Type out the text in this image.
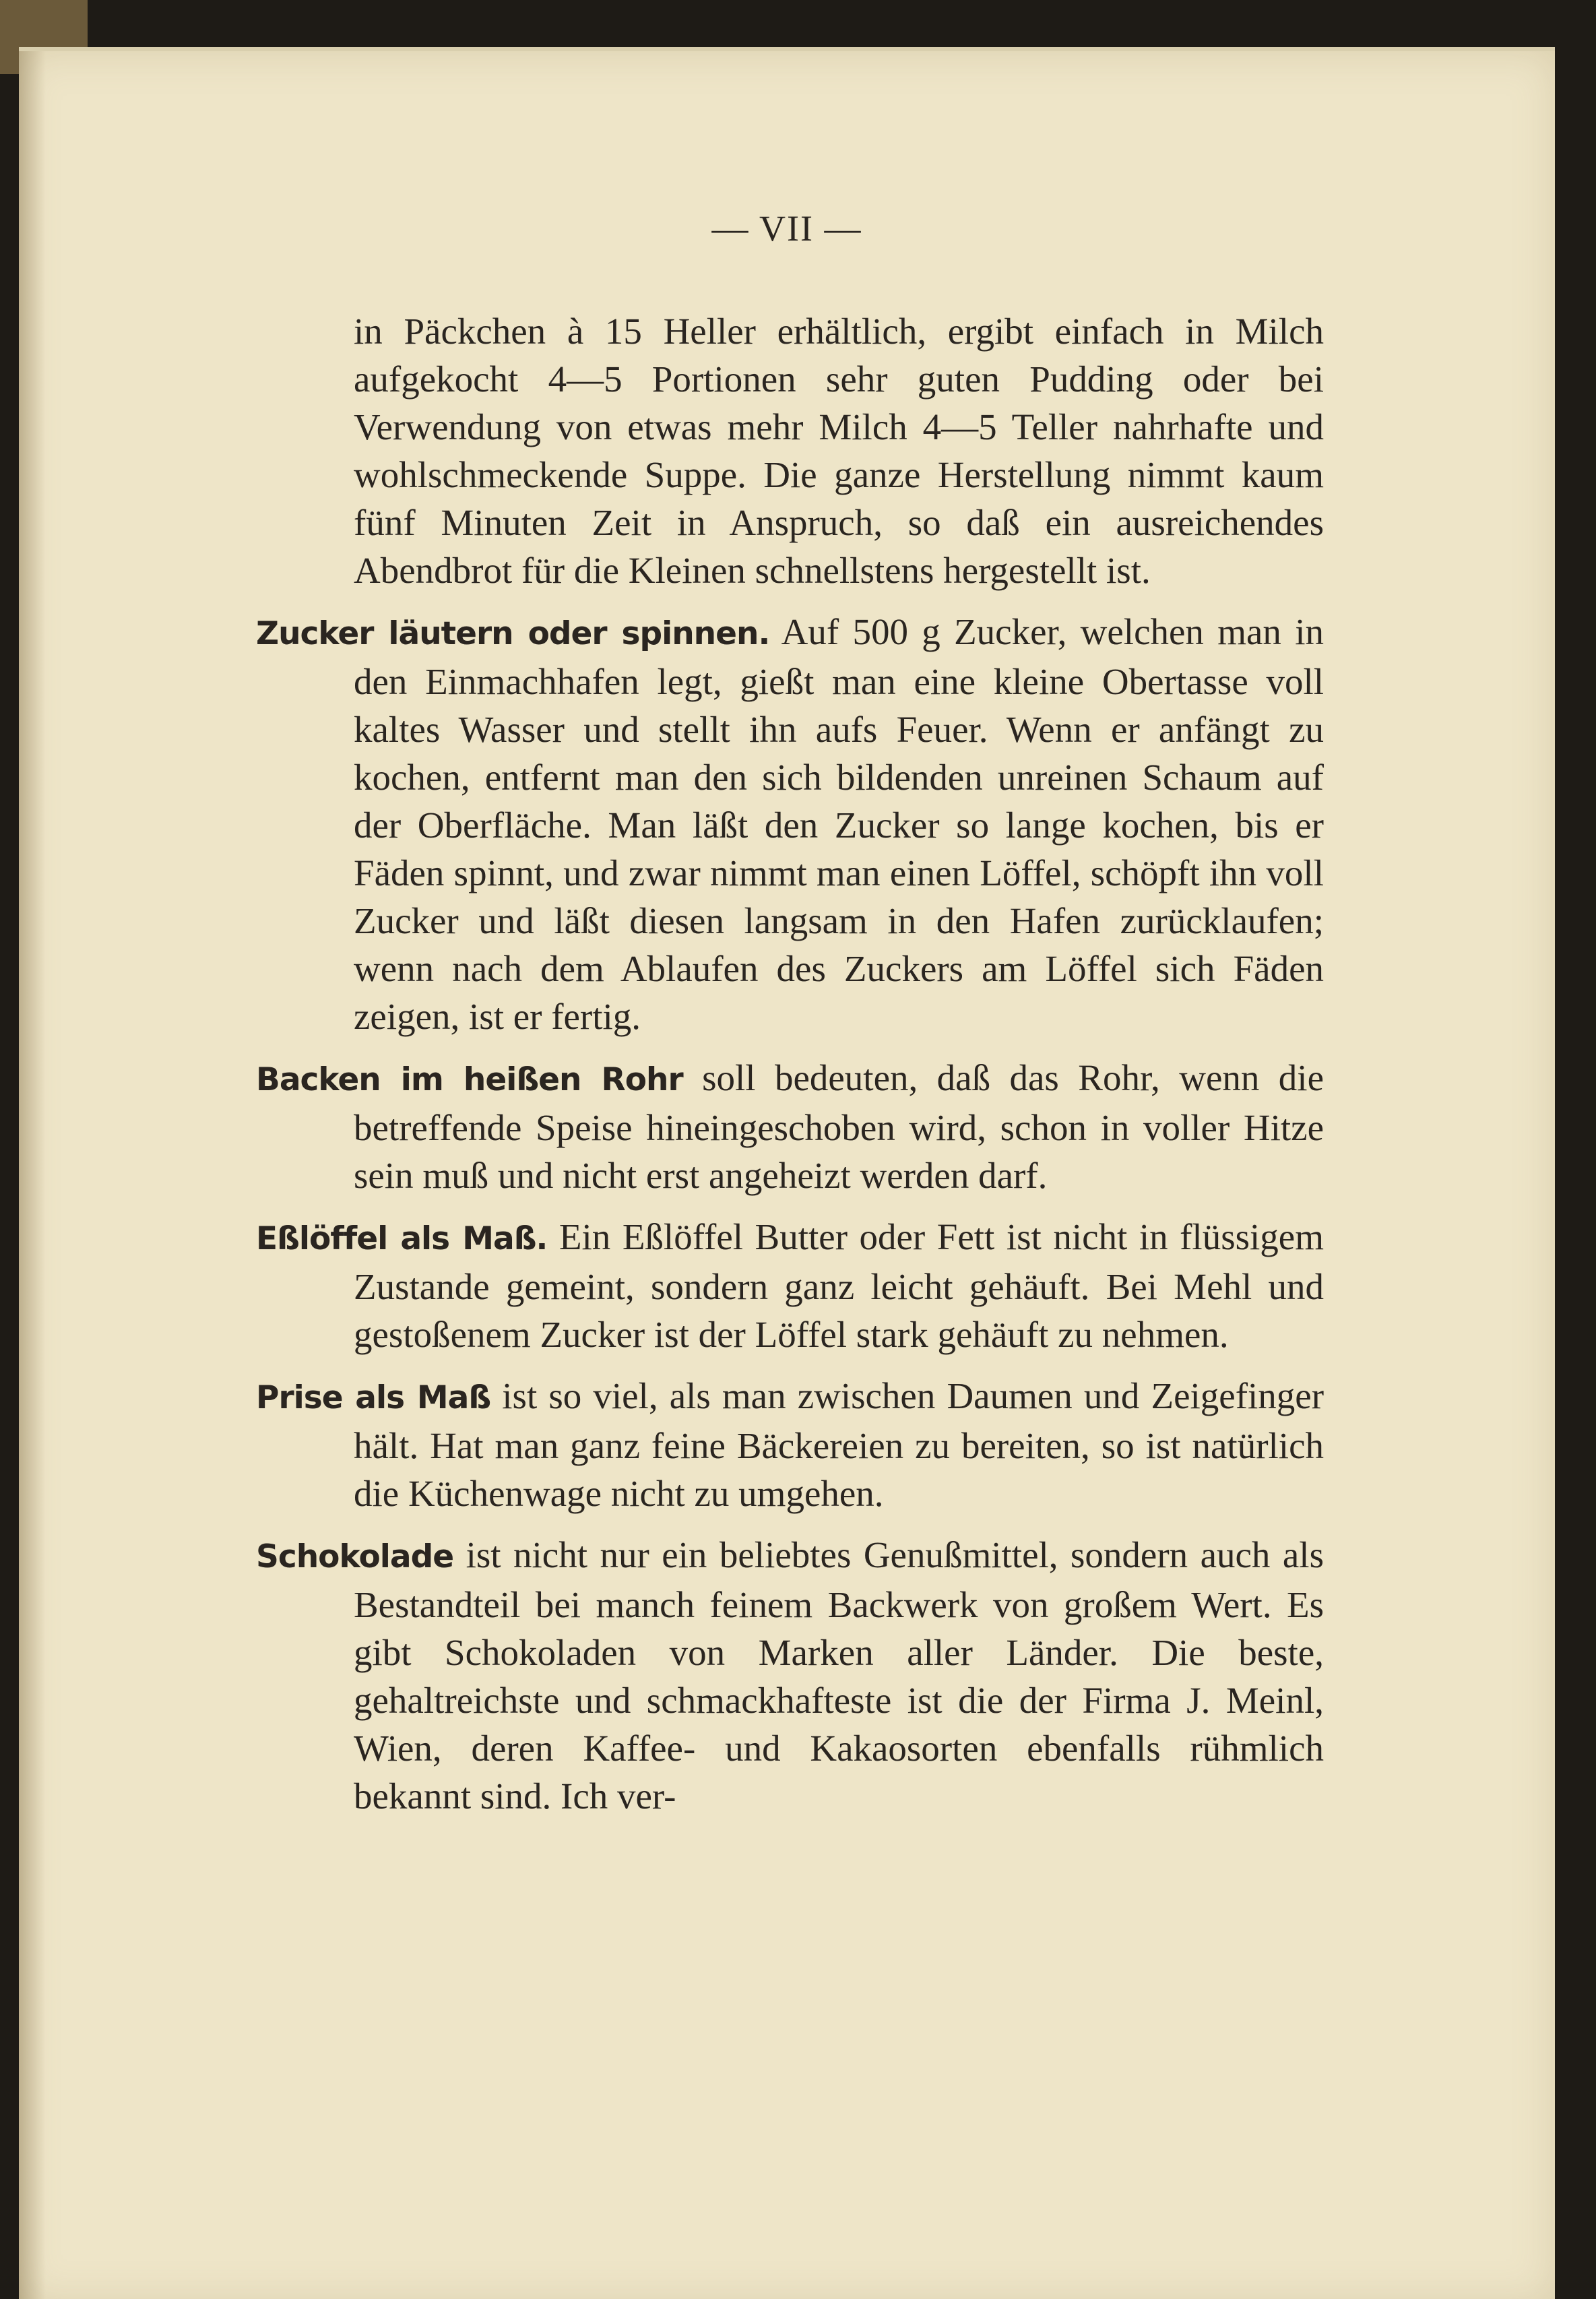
— VII —

in Päckchen à 15 Heller erhältlich, ergibt einfach in Milch aufgekocht 4—5 Portionen sehr guten Pudding oder bei Verwendung von etwas mehr Milch 4—5 Teller nahrhafte und wohlschmeckende Suppe. Die ganze Herstellung nimmt kaum fünf Minuten Zeit in Anspruch, so daß ein ausreichendes Abendbrot für die Kleinen schnellstens hergestellt ist.

Zucker läutern oder spinnen. Auf 500 g Zucker, welchen man in den Einmachhafen legt, gießt man eine kleine Obertasse voll kaltes Wasser und stellt ihn aufs Feuer. Wenn er anfängt zu kochen, entfernt man den sich bildenden unreinen Schaum auf der Oberfläche. Man läßt den Zucker so lange kochen, bis er Fäden spinnt, und zwar nimmt man einen Löffel, schöpft ihn voll Zucker und läßt diesen langsam in den Hafen zurücklaufen; wenn nach dem Ablaufen des Zuckers am Löffel sich Fäden zeigen, ist er fertig.

Backen im heißen Rohr soll bedeuten, daß das Rohr, wenn die betreffende Speise hineingeschoben wird, schon in voller Hitze sein muß und nicht erst angeheizt werden darf.

Eßlöffel als Maß. Ein Eßlöffel Butter oder Fett ist nicht in flüssigem Zustande gemeint, sondern ganz leicht gehäuft. Bei Mehl und gestoßenem Zucker ist der Löffel stark gehäuft zu nehmen.

Prise als Maß ist so viel, als man zwischen Daumen und Zeigefinger hält. Hat man ganz feine Bäckereien zu bereiten, so ist natürlich die Küchenwage nicht zu umgehen.

Schokolade ist nicht nur ein beliebtes Genußmittel, sondern auch als Bestandteil bei manch feinem Backwerk von großem Wert. Es gibt Schokoladen von Marken aller Länder. Die beste, gehaltreichste und schmackhafteste ist die der Firma J. Meinl, Wien, deren Kaffee- und Kakaosorten ebenfalls rühmlich bekannt sind. Ich ver-
